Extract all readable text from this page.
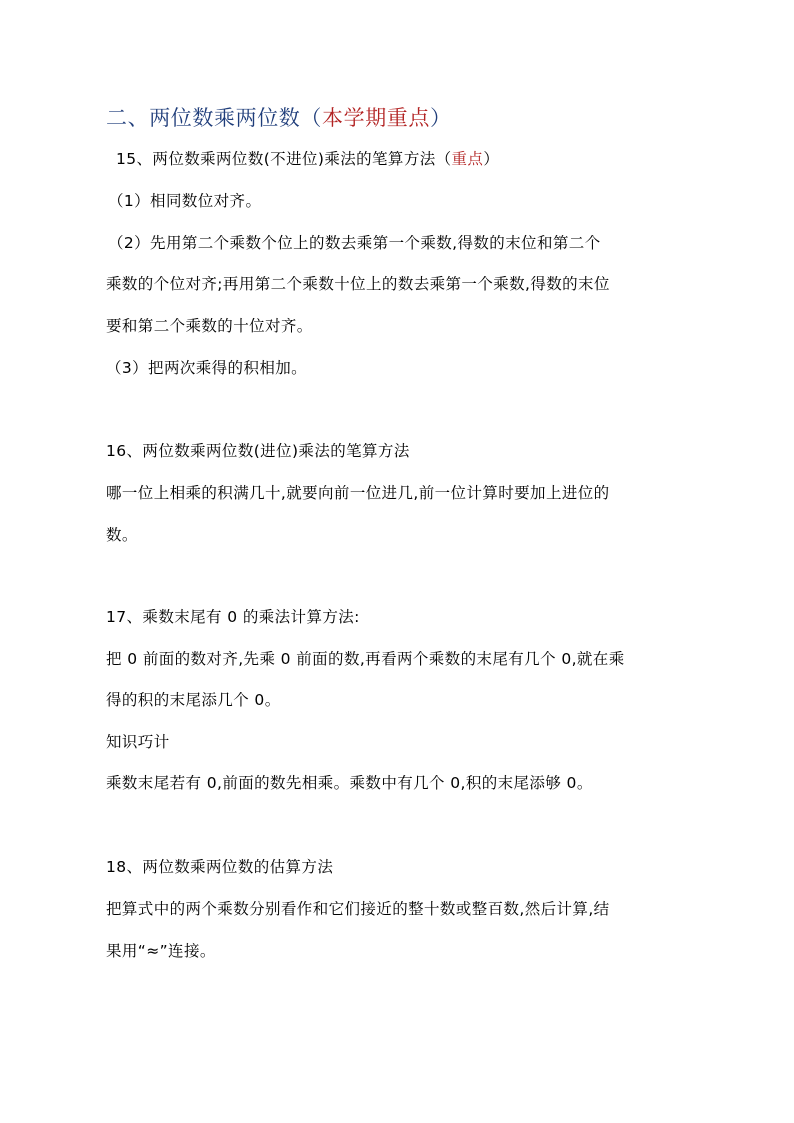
二、两位数乘两位数（本学期重点）
15、两位数乘两位数(不进位)乘法的笔算方法（重点）
（1）相同数位对齐。
（2）先用第二个乘数个位上的数去乘第一个乘数,得数的末位和第二个
乘数的个位对齐;再用第二个乘数十位上的数去乘第一个乘数,得数的末位
要和第二个乘数的十位对齐。
（3）把两次乘得的积相加。
16、两位数乘两位数(进位)乘法的笔算方法
哪一位上相乘的积满几十,就要向前一位进几,前一位计算时要加上进位的
数。
17、乘数末尾有 0 的乘法计算方法:
把 0 前面的数对齐,先乘 0 前面的数,再看两个乘数的末尾有几个 0,就在乘
得的积的末尾添几个 0。
知识巧计
乘数末尾若有 0,前面的数先相乘。乘数中有几个 0,积的末尾添够 0。
18、两位数乘两位数的估算方法
把算式中的两个乘数分别看作和它们接近的整十数或整百数,然后计算,结
果用“≈”连接。
